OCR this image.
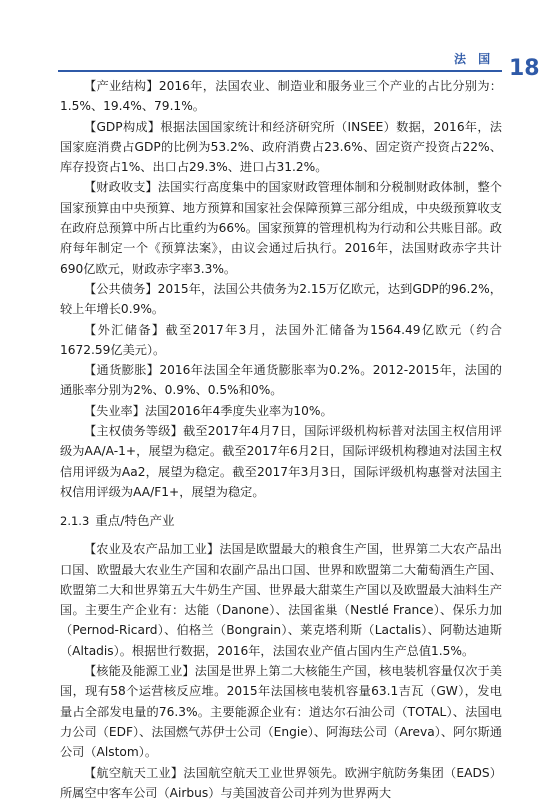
法 国 18

【产业结构】2016年，法国农业、制造业和服务业三个产业的占比分别为：1.5%、19.4%、79.1%。

【GDP构成】根据法国国家统计和经济研究所（INSEE）数据，2016年，法国家庭消费占GDP的比例为53.2%、政府消费占23.6%、固定资产投资占22%、库存投资占1%、出口占29.3%、进口占31.2%。

【财政收支】法国实行高度集中的国家财政管理体制和分税制财政体制，整个国家预算由中央预算、地方预算和国家社会保障预算三部分组成，中央级预算收支在政府总预算中所占比重约为66%。国家预算的管理机构为行动和公共账目部。政府每年制定一个《预算法案》，由议会通过后执行。2016年，法国财政赤字共计690亿欧元，财政赤字率3.3%。

【公共债务】2015年，法国公共债务为2.15万亿欧元，达到GDP的96.2%，较上年增长0.9%。

【外汇储备】截至2017年3月，法国外汇储备为1564.49亿欧元（约合1672.59亿美元）。

【通货膨胀】2016年法国全年通货膨胀率为0.2%。2012-2015年，法国的通胀率分别为2%、0.9%、0.5%和0%。

【失业率】法国2016年4季度失业率为10%。

【主权债务等级】截至2017年4月7日，国际评级机构标普对法国主权信用评级为AA/A-1+，展望为稳定。截至2017年6月2日，国际评级机构穆迪对法国主权信用评级为Aa2，展望为稳定。截至2017年3月3日，国际评级机构惠誉对法国主权信用评级为AA/F1+，展望为稳定。

2.1.3 重点/特色产业

【农业及农产品加工业】法国是欧盟最大的粮食生产国，世界第二大农产品出口国、欧盟最大农业生产国和农副产品出口国、世界和欧盟第二大葡萄酒生产国、欧盟第二大和世界第五大牛奶生产国、世界最大甜菜生产国以及欧盟最大油料生产国。主要生产企业有：达能（Danone）、法国雀巢（Nestlé France）、保乐力加（Pernod-Ricard）、伯格兰（Bongrain）、莱克塔利斯（Lactalis）、阿勒达迪斯（Altadis）。根据世行数据，2016年，法国农业产值占国内生产总值1.5%。

【核能及能源工业】法国是世界上第二大核能生产国，核电装机容量仅次于美国，现有58个运营核反应堆。2015年法国核电装机容量63.1吉瓦（GW），发电量占全部发电量的76.3%。主要能源企业有：道达尔石油公司（TOTAL）、法国电力公司（EDF）、法国燃气苏伊士公司（Engie）、阿海珐公司（Areva）、阿尔斯通公司（Alstom）。

【航空航天工业】法国航空航天工业世界领先。欧洲宇航防务集团（EADS）所属空中客车公司（Airbus）与美国波音公司并列为世界两大
